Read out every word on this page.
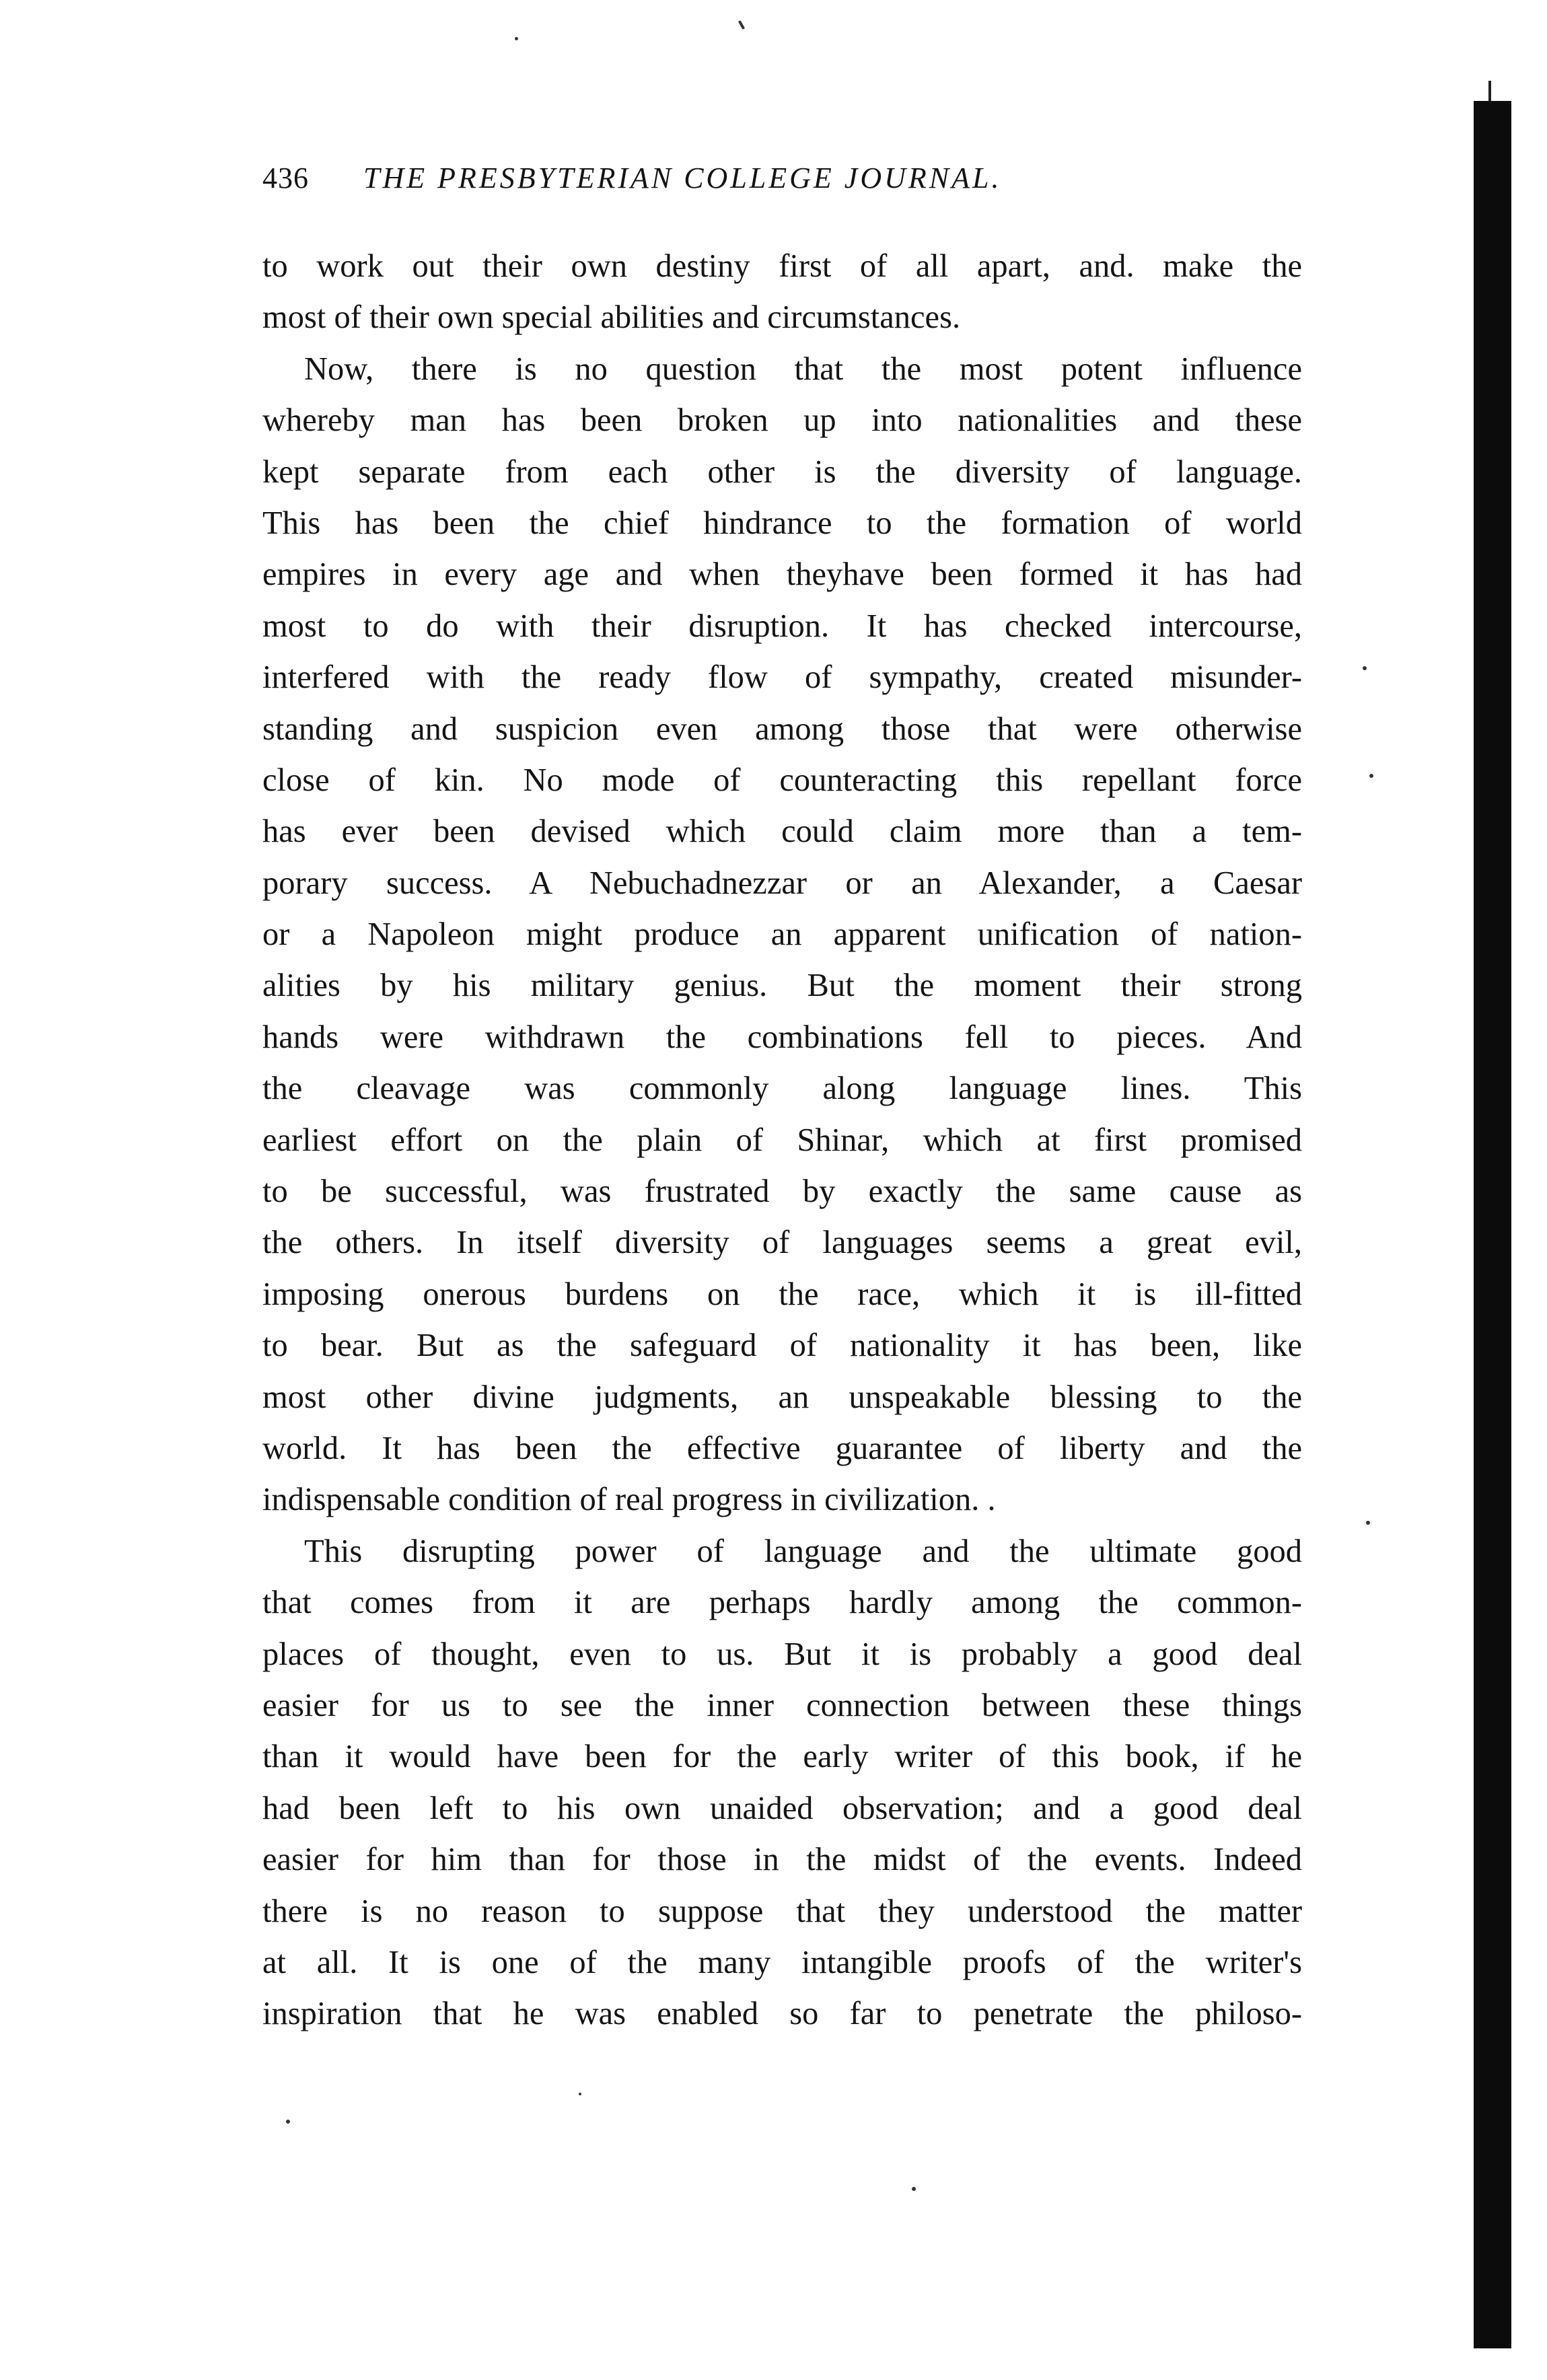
436 THE PRESBYTERIAN COLLEGE JOURNAL.
to work out their own destiny first of all apart, and. make the
most of their own special abilities and circumstances.
Now, there is no question that the most potent influence
whereby man has been broken up into nationalities and these
kept separate from each other is the diversity of language.
This has been the chief hindrance to the formation of world
empires in every age and when theyhave been formed it has had
most to do with their disruption. It has checked intercourse,
interfered with the ready flow of sympathy, created misunder-
standing and suspicion even among those that were otherwise
close of kin. No mode of counteracting this repellant force
has ever been devised which could claim more than a tem-
porary success. A Nebuchadnezzar or an Alexander, a Caesar
or a Napoleon might produce an apparent unification of nation-
alities by his military genius. But the moment their strong
hands were withdrawn the combinations fell to pieces. And
the cleavage was commonly along language lines. This
earliest effort on the plain of Shinar, which at first promised
to be successful, was frustrated by exactly the same cause as
the others. In itself diversity of languages seems a great evil,
imposing onerous burdens on the race, which it is ill-fitted
to bear. But as the safeguard of nationality it has been, like
most other divine judgments, an unspeakable blessing to the
world. It has been the effective guarantee of liberty and the
indispensable condition of real progress in civilization. .
This disrupting power of language and the ultimate good
that comes from it are perhaps hardly among the common-
places of thought, even to us. But it is probably a good deal
easier for us to see the inner connection between these things
than it would have been for the early writer of this book, if he
had been left to his own unaided observation; and a good deal
easier for him than for those in the midst of the events. Indeed
there is no reason to suppose that they understood the matter
at all. It is one of the many intangible proofs of the writer's
inspiration that he was enabled so far to penetrate the philoso-
